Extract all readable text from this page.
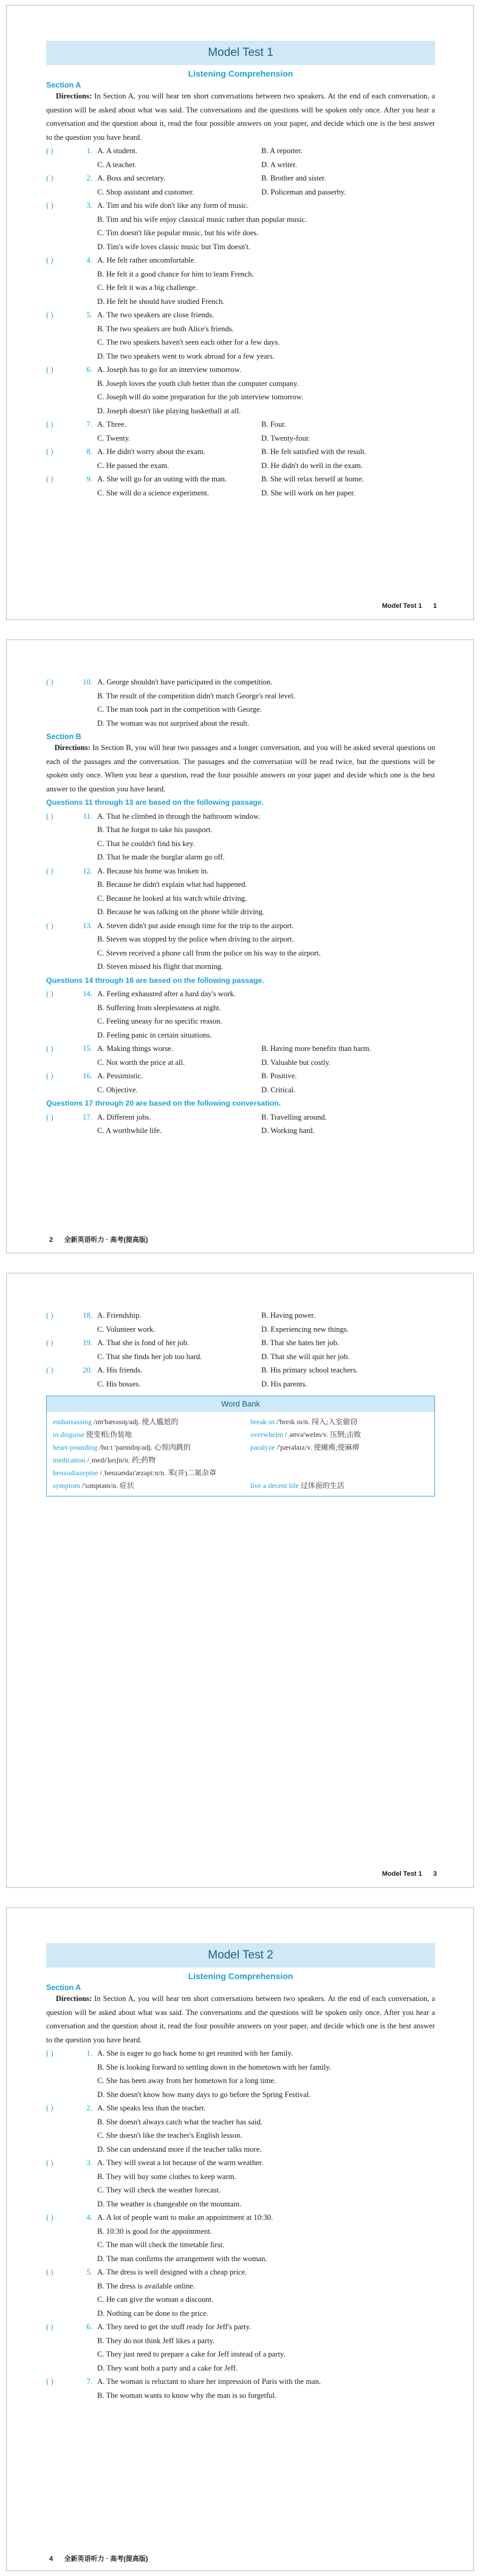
Model Test 1
Listening Comprehension
Section A
Directions: In Section A, you will hear ten short conversations between two speakers. At the end of each conversation, a question will be asked about what was said. The conversations and the questions will be spoken only once. After you hear a conversation and the question about it, read the four possible answers on your paper, and decide which one is the best answer to the question you have heard.
( )	1. A. A student.	B. A reporter.
C. A teacher.	D. A writer.
( )	2. A. Boss and secretary.	B. Brother and sister.
C. Shop assistant and customer.	D. Policeman and passerby.
( )	3. A. Tim and his wife don't like any form of music.
B. Tim and his wife enjoy classical music rather than popular music.
C. Tim doesn't like popular music, but his wife does.
D. Tim's wife loves classic music but Tim doesn't.
( )	4. A. He felt rather uncomfortable.
B. He felt it a good chance for him to learn French.
C. He felt it was a big challenge.
D. He felt he should have studied French.
( )	5. A. The two speakers are close friends.
B. The two speakers are both Alice's friends.
C. The two speakers haven't seen each other for a few days.
D. The two speakers went to work abroad for a few years.
( )	6. A. Joseph has to go for an interview tomorrow.
B. Joseph loves the youth club better than the computer company.
C. Joseph will do some preparation for the job interview tomorrow.
D. Joseph doesn't like playing basketball at all.
( )	7. A. Three.	B. Four.
C. Twenty.	D. Twenty-four.
( )	8. A. He didn't worry about the exam.	B. He felt satisfied with the result.
C. He passed the exam.	D. He didn't do well in the exam.
( )	9. A. She will go for an outing with the man.	B. She will relax herself at home.
C. She will do a science experiment.	D. She will work on her paper.
Model Test 1 1
( )	10. A. George shouldn't have participated in the competition.
B. The result of the competition didn't match George's real level.
C. The man took part in the competition with George.
D. The woman was not surprised about the result.
Section B
Directions: In Section B, you will hear two passages and a longer conversation, and you will be asked several questions on each of the passages and the conversation. The passages and the conversation will be read twice, but the questions will be spoken only once. When you hear a question, read the four possible answers on your paper and decide which one is the best answer to the question you have heard.
Questions 11 through 13 are based on the following passage.
( )	11. A. That he climbed in through the bathroom window.
B. That he forgot to take his passport.
C. That he couldn't find his key.
D. That he made the burglar alarm go off.
( )	12. A. Because his home was broken in.
B. Because he didn't explain what had happened.
C. Because he looked at his watch while driving.
D. Because he was talking on the phone while driving.
( )	13. A. Steven didn't put aside enough time for the trip to the airport.
B. Steven was stopped by the police when driving to the airport.
C. Steven received a phone call from the police on his way to the airport.
D. Steven missed his flight that morning.
Questions 14 through 16 are based on the following passage.
( )	14. A. Feeling exhausted after a hard day's work.
B. Suffering from sleeplessness at night.
C. Feeling uneasy for no specific reason.
D. Feeling panic in certain situations.
( )	15. A. Making things worse.	B. Having more benefits than harm.
C. Not worth the price at all.	D. Valuable but costly.
( )	16. A. Pessimistic.	B. Positive.
C. Objective.	D. Critical.
Questions 17 through 20 are based on the following conversation.
( )	17. A. Different jobs.	B. Travelling around.
C. A worthwhile life.	D. Working hard.
2 全新英语听力 · 高考(提高版)
( )	18. A. Friendship.	B. Having power.
C. Volunteer work.	D. Experiencing new things.
( )	19. A. That she is fond of her job.	B. That she hates her job.
C. That she finds her job too hard.	D. That she will quit her job.
( )	20. A. His friends.	B. His primary school teachers.
C. His bosses.	D. His parents.
Word Bank
embarrassing /ɪm'bærəsɪŋ/adj. 使人尴尬的	break-in /'breɪk ɪn/n. 闯入;入室偷窃
in disguise 使变相;伪装地	overwhelm /ˌəʊvə'welm/v. 压倒;击败
heart-pounding /hɑːt 'paʊndɪŋ/adj. 心惊肉跳的	paralyze /'pærəlaɪz/v. 使瘫痪;使麻痹
medication /ˌmedɪ'keɪʃn/n. 药;药物
benzodiazepine /ˌbenzəʊdaɪ'æzəpiːn/n. 苯(并)二氮杂䓬
symptom /'sɪmptəm/n. 症状	live a decent life 过体面的生活
Model Test 1 3
Model Test 2
Listening Comprehension
Section A
Directions: In Section A, you will hear ten short conversations between two speakers. At the end of each conversation, a question will be asked about what was said. The conversations and the questions will be spoken only once. After you hear a conversation and the question about it, read the four possible answers on your paper, and decide which one is the best answer to the question you have heard.
( )	1. A. She is eager to go back home to get reunited with her family.
B. She is looking forward to settling down in the hometown with her family.
C. She has been away from her hometown for a long time.
D. She doesn't know how many days to go before the Spring Festival.
( )	2. A. She speaks less than the teacher.
B. She doesn't always catch what the teacher has said.
C. She doesn't like the teacher's English lesson.
D. She can understand more if the teacher talks more.
( )	3. A. They will sweat a lot because of the warm weather.
B. They will buy some clothes to keep warm.
C. They will check the weather forecast.
D. The weather is changeable on the mountain.
( )	4. A. A lot of people want to make an appointment at 10:30.
B. 10:30 is good for the appointment.
C. The man will check the timetable first.
D. The man confirms the arrangement with the woman.
( )	5. A. The dress is well designed with a cheap price.
B. The dress is available online.
C. He can give the woman a discount.
D. Nothing can be done to the price.
( )	6. A. They need to get the stuff ready for Jeff's party.
B. They do not think Jeff likes a party.
C. They just need to prepare a cake for Jeff instead of a party.
D. They want both a party and a cake for Jeff.
( )	7. A. The woman is reluctant to share her impression of Paris with the man.
B. The woman wants to know why the man is so forgetful.
4 全新英语听力 · 高考(提高版)
